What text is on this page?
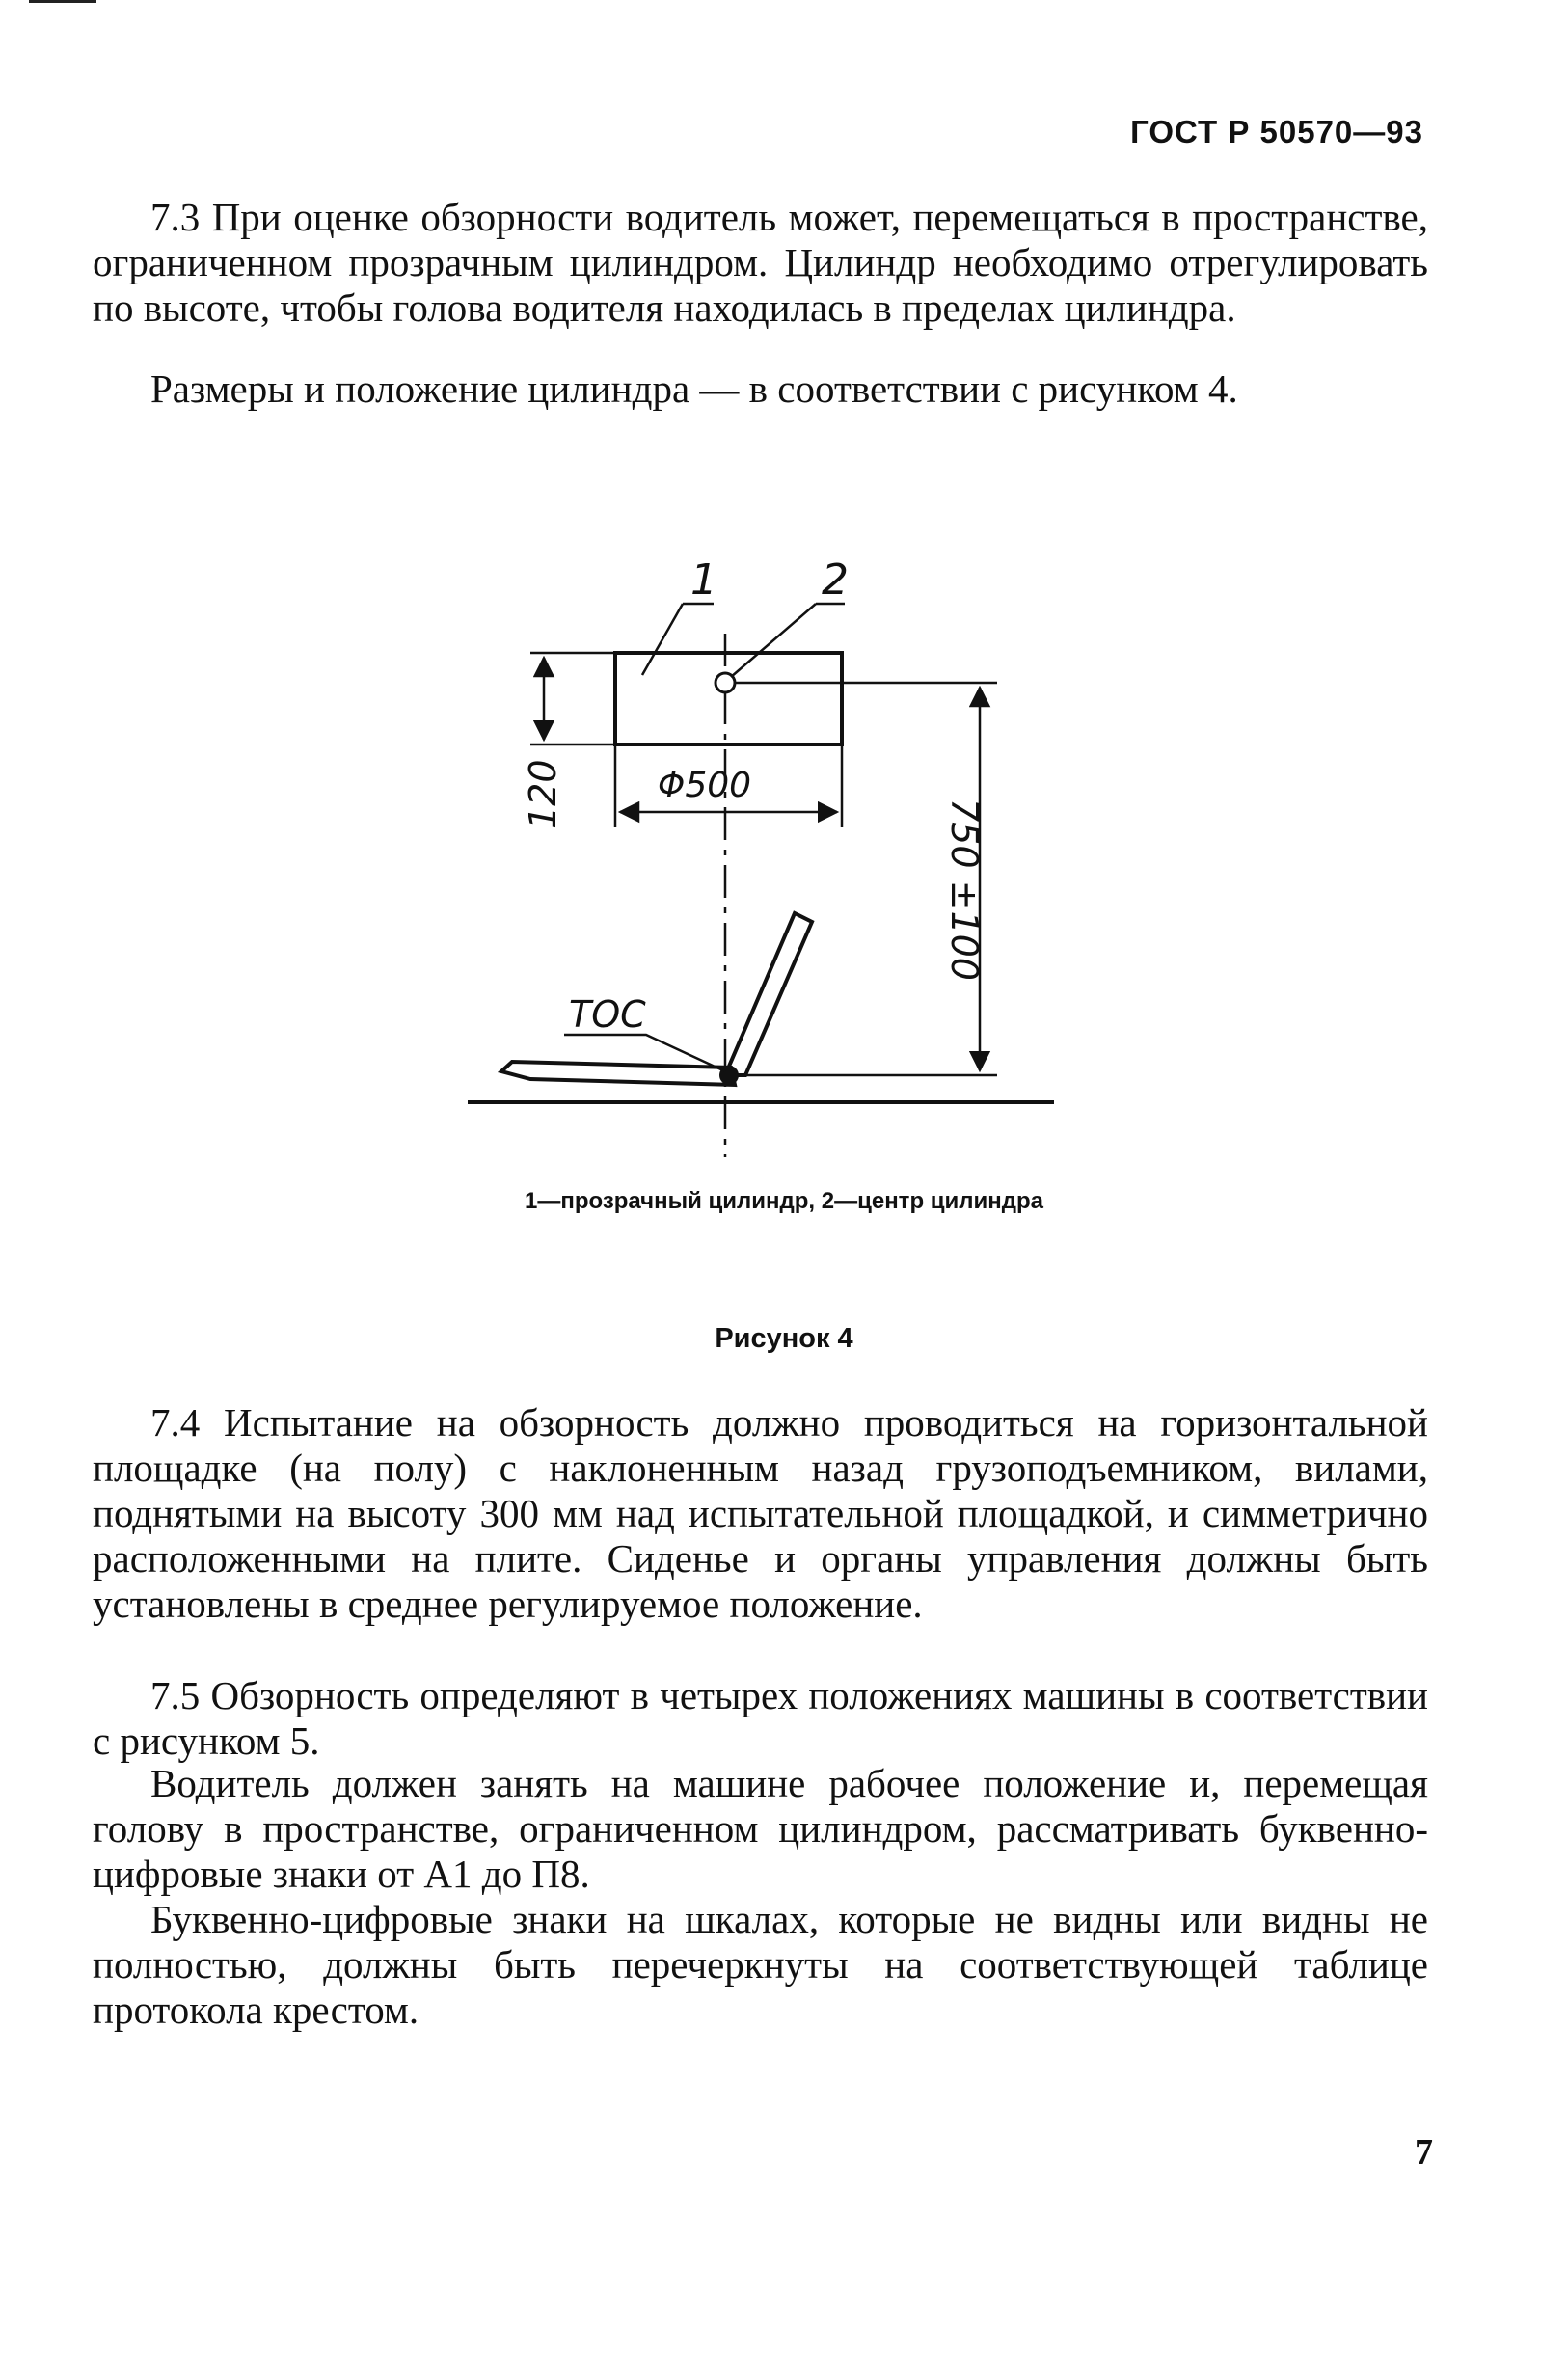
ГОСТ Р 50570—93

7.3 При оценке обзорности водитель может, перемещаться в пространстве, ограниченном прозрачным цилиндром. Цилиндр необходимо отрегулировать по высоте, чтобы голова водителя находилась в пределах цилиндра.

Размеры и положение цилиндра — в соответствии с рисунком 4.

1 2
120	Φ500
750 ±100
ТОС
1—прозрачный цилиндр, 2—центр цилиндра
Рисунок 4

7.4 Испытание на обзорность должно проводиться на горизонтальной площадке (на полу) с наклоненным назад грузоподъемником, вилами, поднятыми на высоту 300 мм над испытательной площадкой, и симметрично расположенными на плите. Сиденье и органы управления должны быть установлены в среднее регулируемое положение.

7.5 Обзорность определяют в четырех положениях машины в соответствии с рисунком 5.

Водитель должен занять на машине рабочее положение и, перемещая голову в пространстве, ограниченном цилиндром, рассматривать буквенно-цифровые знаки от А1 до П8.

Буквенно-цифровые знаки на шкалах, которые не видны или видны не полностью, должны быть перечеркнуты на соответствующей таблице протокола крестом.

7
